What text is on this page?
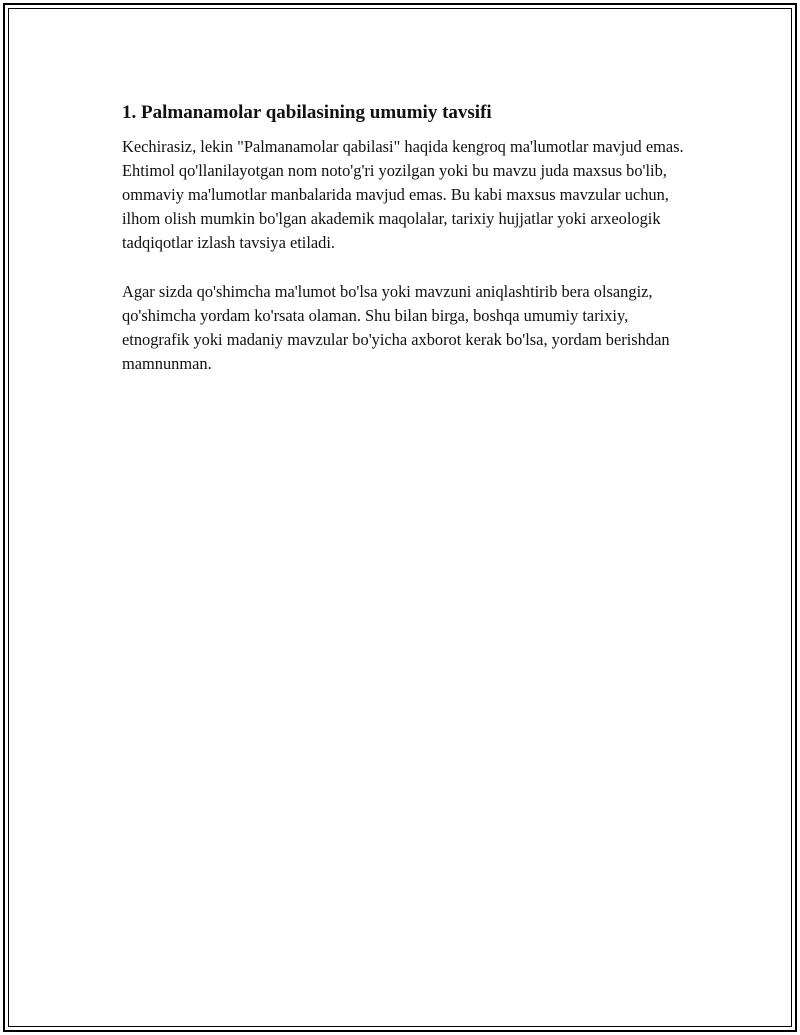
1. Palmanamolar qabilasining umumiy tavsifi

Kechirasiz, lekin "Palmanamolar qabilasi" haqida kengroq ma'lumotlar mavjud emas. Ehtimol qo'llanilayotgan nom noto'g'ri yozilgan yoki bu mavzu juda maxsus bo'lib, ommaviy ma'lumotlar manbalarida mavjud emas. Bu kabi maxsus mavzular uchun, ilhom olish mumkin bo'lgan akademik maqolalar, tarixiy hujjatlar yoki arxeologik tadqiqotlar izlash tavsiya etiladi.

Agar sizda qo'shimcha ma'lumot bo'lsa yoki mavzuni aniqlashtirib bera olsangiz, qo'shimcha yordam ko'rsata olaman. Shu bilan birga, boshqa umumiy tarixiy, etnografik yoki madaniy mavzular bo'yicha axborot kerak bo'lsa, yordam berishdan mamnunman.
